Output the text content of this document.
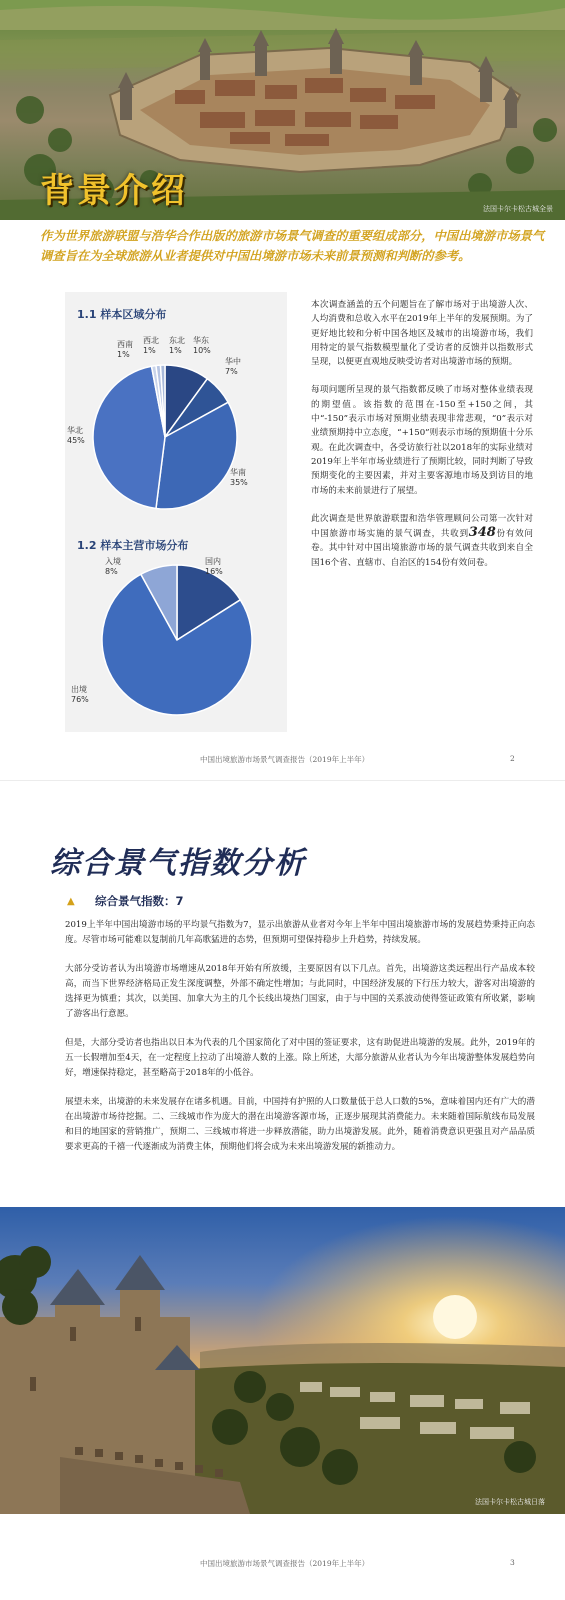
背景介绍	法国卡尔卡松古城全景
作为世界旅游联盟与浩华合作出版的旅游市场景气调查的重要组成部分，中国出境游市场景气调查旨在为全球旅游从业者提供对中国出境游市场未来前景预测和判断的参考。
1.1 样本区域分布
西南
1%
西北
1%
东北
1%
华东
10%
华中
7%
华南
35%
华北
45%
1.2 样本主营市场分布
入境
8%
国内
16%
出境
76%

本次调查涵盖的五个问题旨在了解市场对于出境游人次、人均消费和总收入水平在2019年上半年的发展预期。为了更好地比较和分析中国各地区及城市的出境游市场，我们用特定的景气指数模型量化了受访者的反馈并以指数形式呈现，以便更直观地反映受访者对出境游市场的预期。

每项问题所呈现的景气指数都反映了市场对整体业绩表现的期望值。该指数的范围在-150至+150之间，其中“-150”表示市场对预期业绩表现非常悲观，“0”表示对业绩预期持中立态度，“+150”则表示市场的预期值十分乐观。在此次调查中，各受访旅行社以2018年的实际业绩对2019年上半年市场业绩进行了预期比较，同时判断了导致预期变化的主要因素，并对主要客源地市场及到访目的地市场的未来前景进行了展望。

此次调查是世界旅游联盟和浩华管理顾问公司第一次针对中国旅游市场实施的景气调查，共收到348份有效问卷。其中针对中国出境旅游市场的景气调查共收到来自全国16个省、直辖市、自治区的154份有效问卷。

中国出境旅游市场景气调查报告（2019年上半年）	2
综合景气指数分析
▲ 综合景气指数：7

2019上半年中国出境游市场的平均景气指数为7，显示出旅游从业者对今年上半年中国出境旅游市场的发展趋势秉持正向态度。尽管市场可能难以复制前几年高歌猛进的态势，但预期可望保持稳步上升趋势，持续发展。

大部分受访者认为出境游市场增速从2018年开始有所放缓，主要原因有以下几点。首先，出境游这类远程出行产品成本较高，而当下世界经济格局正发生深度调整，外部不确定性增加；与此同时，中国经济发展的下行压力较大，游客对出境游的选择更为慎重；其次，以美国、加拿大为主的几个长线出境热门国家，由于与中国的关系波动使得签证政策有所收紧，影响了游客出行意愿。

但是，大部分受访者也指出以日本为代表的几个国家简化了对中国的签证要求，这有助促进出境游的发展。此外，2019年的五一长假增加至4天，在一定程度上拉动了出境游人数的上涨。除上所述，大部分旅游从业者认为今年出境游整体发展趋势向好，增速保持稳定，甚至略高于2018年的小低谷。

展望未来，出境游的未来发展存在诸多机遇。目前，中国持有护照的人口数量低于总人口数的5%，意味着国内还有广大的潜在出境游市场待挖掘。二、三线城市作为庞大的潜在出境游客源市场，正逐步展现其消费能力。未来随着国际航线布局发展和目的地国家的营销推广，预期二、三线城市将进一步释放潜能，助力出境游发展。此外，随着消费意识更强且对产品品质要求更高的千禧一代逐渐成为消费主体，预期他们将会成为未来出境游发展的新推动力。

法国卡尔卡松古城日落
中国出境旅游市场景气调查报告（2019年上半年）	3
